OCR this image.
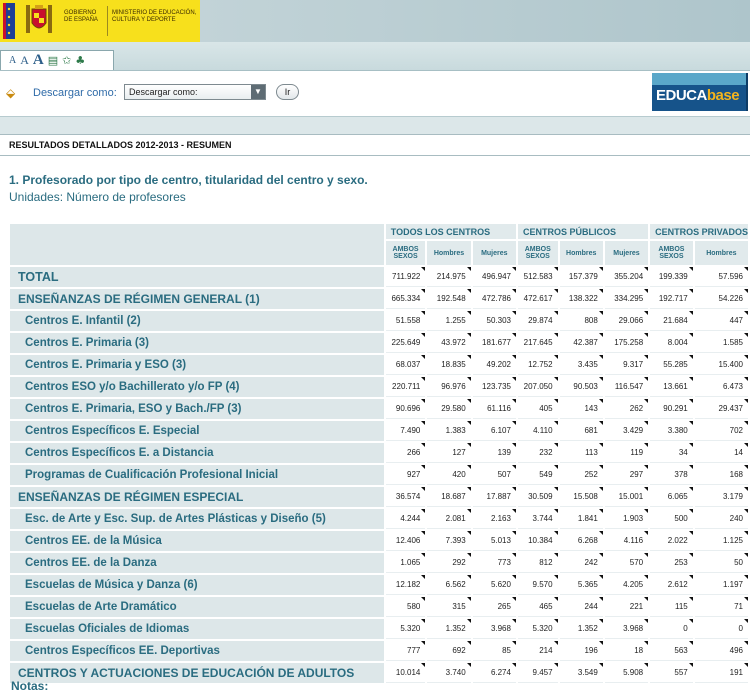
GOBIERNO DE ESPAÑA
MINISTERIO DE EDUCACIÓN, CULTURA Y DEPORTE
A A A ▤ ✩ ♣
⬙ Descargar como:	Descargar como:	▼	Ir	EDUCAbase
RESULTADOS DETALLADOS 2012-2013 - RESUMEN
1. Profesorado por tipo de centro, titularidad del centro y sexo.
Unidades: Número de profesores
	TODOS LOS CENTROS			CENTROS PÚBLICOS			CENTROS PRIVADOS	
	AMBOS SEXOS	Hombres	Mujeres	AMBOS SEXOS	Hombres	Mujeres	AMBOS SEXOS	Hombres
TOTAL	711.922	214.975	496.947	512.583	157.379	355.204	199.339	57.596
ENSEÑANZAS DE RÉGIMEN GENERAL (1)	665.334	192.548	472.786	472.617	138.322	334.295	192.717	54.226
Centros E. Infantil (2)	51.558	1.255	50.303	29.874	808	29.066	21.684	447
Centros E. Primaria (3)	225.649	43.972	181.677	217.645	42.387	175.258	8.004	1.585
Centros E. Primaria y ESO (3)	68.037	18.835	49.202	12.752	3.435	9.317	55.285	15.400
Centros ESO y/o Bachillerato y/o FP (4)	220.711	96.976	123.735	207.050	90.503	116.547	13.661	6.473
Centros E. Primaria, ESO y Bach./FP (3)	90.696	29.580	61.116	405	143	262	90.291	29.437
Centros Específicos E. Especial	7.490	1.383	6.107	4.110	681	3.429	3.380	702
Centros Específicos E. a Distancia	266	127	139	232	113	119	34	14
Programas de Cualificación Profesional Inicial	927	420	507	549	252	297	378	168
ENSEÑANZAS DE RÉGIMEN ESPECIAL	36.574	18.687	17.887	30.509	15.508	15.001	6.065	3.179
Esc. de Arte y Esc. Sup. de Artes Plásticas y Diseño (5)	4.244	2.081	2.163	3.744	1.841	1.903	500	240
Centros EE. de la Música	12.406	7.393	5.013	10.384	6.268	4.116	2.022	1.125
Centros EE. de la Danza	1.065	292	773	812	242	570	253	50
Escuelas de Música y Danza (6)	12.182	6.562	5.620	9.570	5.365	4.205	2.612	1.197
Escuelas de Arte Dramático	580	315	265	465	244	221	115	71
Escuelas Oficiales de Idiomas	5.320	1.352	3.968	5.320	1.352	3.968	0	0
Centros Específicos EE. Deportivas	777	692	85	214	196	18	563	496
CENTROS Y ACTUACIONES DE EDUCACIÓN DE ADULTOS	10.014	3.740	6.274	9.457	3.549	5.908	557	191
Notas:
